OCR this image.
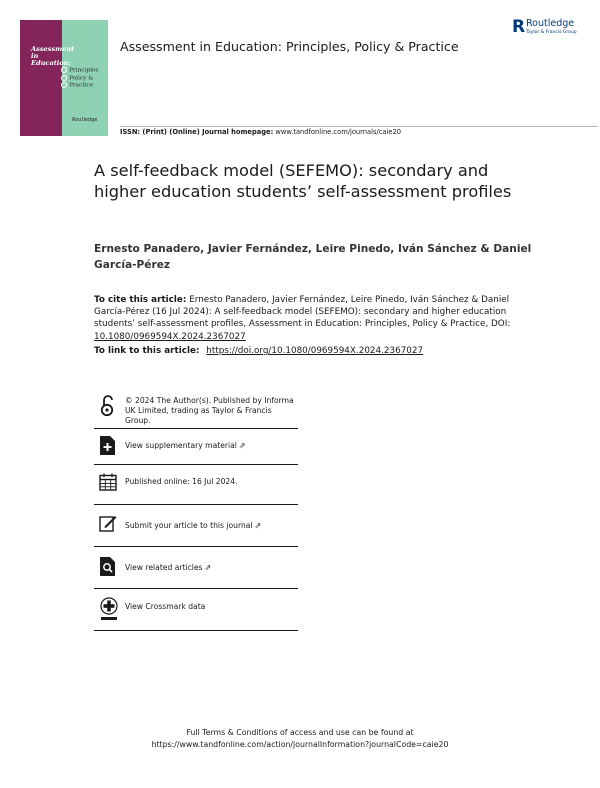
Assessment in Education:
Principles
Policy &
Practice
Routledge
R Routledge
Taylor & Francis Group
Assessment in Education: Principles, Policy & Practice
ISSN: (Print) (Online) Journal homepage: www.tandfonline.com/journals/caie20
A self-feedback model (SEFEMO): secondary and higher education students’ self-assessment profiles
Ernesto Panadero, Javier Fernández, Leire Pinedo, Iván Sánchez & Daniel García-Pérez
To cite this article: Ernesto Panadero, Javier Fernández, Leire Pinedo, Iván Sánchez & Daniel García-Pérez (16 Jul 2024): A self-feedback model (SEFEMO): secondary and higher education students’ self-assessment profiles, Assessment in Education: Principles, Policy & Practice, DOI: 10.1080/0969594X.2024.2367027
To link to this article: https://doi.org/10.1080/0969594X.2024.2367027
© 2024 The Author(s). Published by Informa UK Limited, trading as Taylor & Francis Group.
View supplementary material ⇗
Published online: 16 Jul 2024.
Submit your article to this journal ⇗
View related articles ⇗
View Crossmark data
Full Terms & Conditions of access and use can be found at
https://www.tandfonline.com/action/journalInformation?journalCode=caie20
